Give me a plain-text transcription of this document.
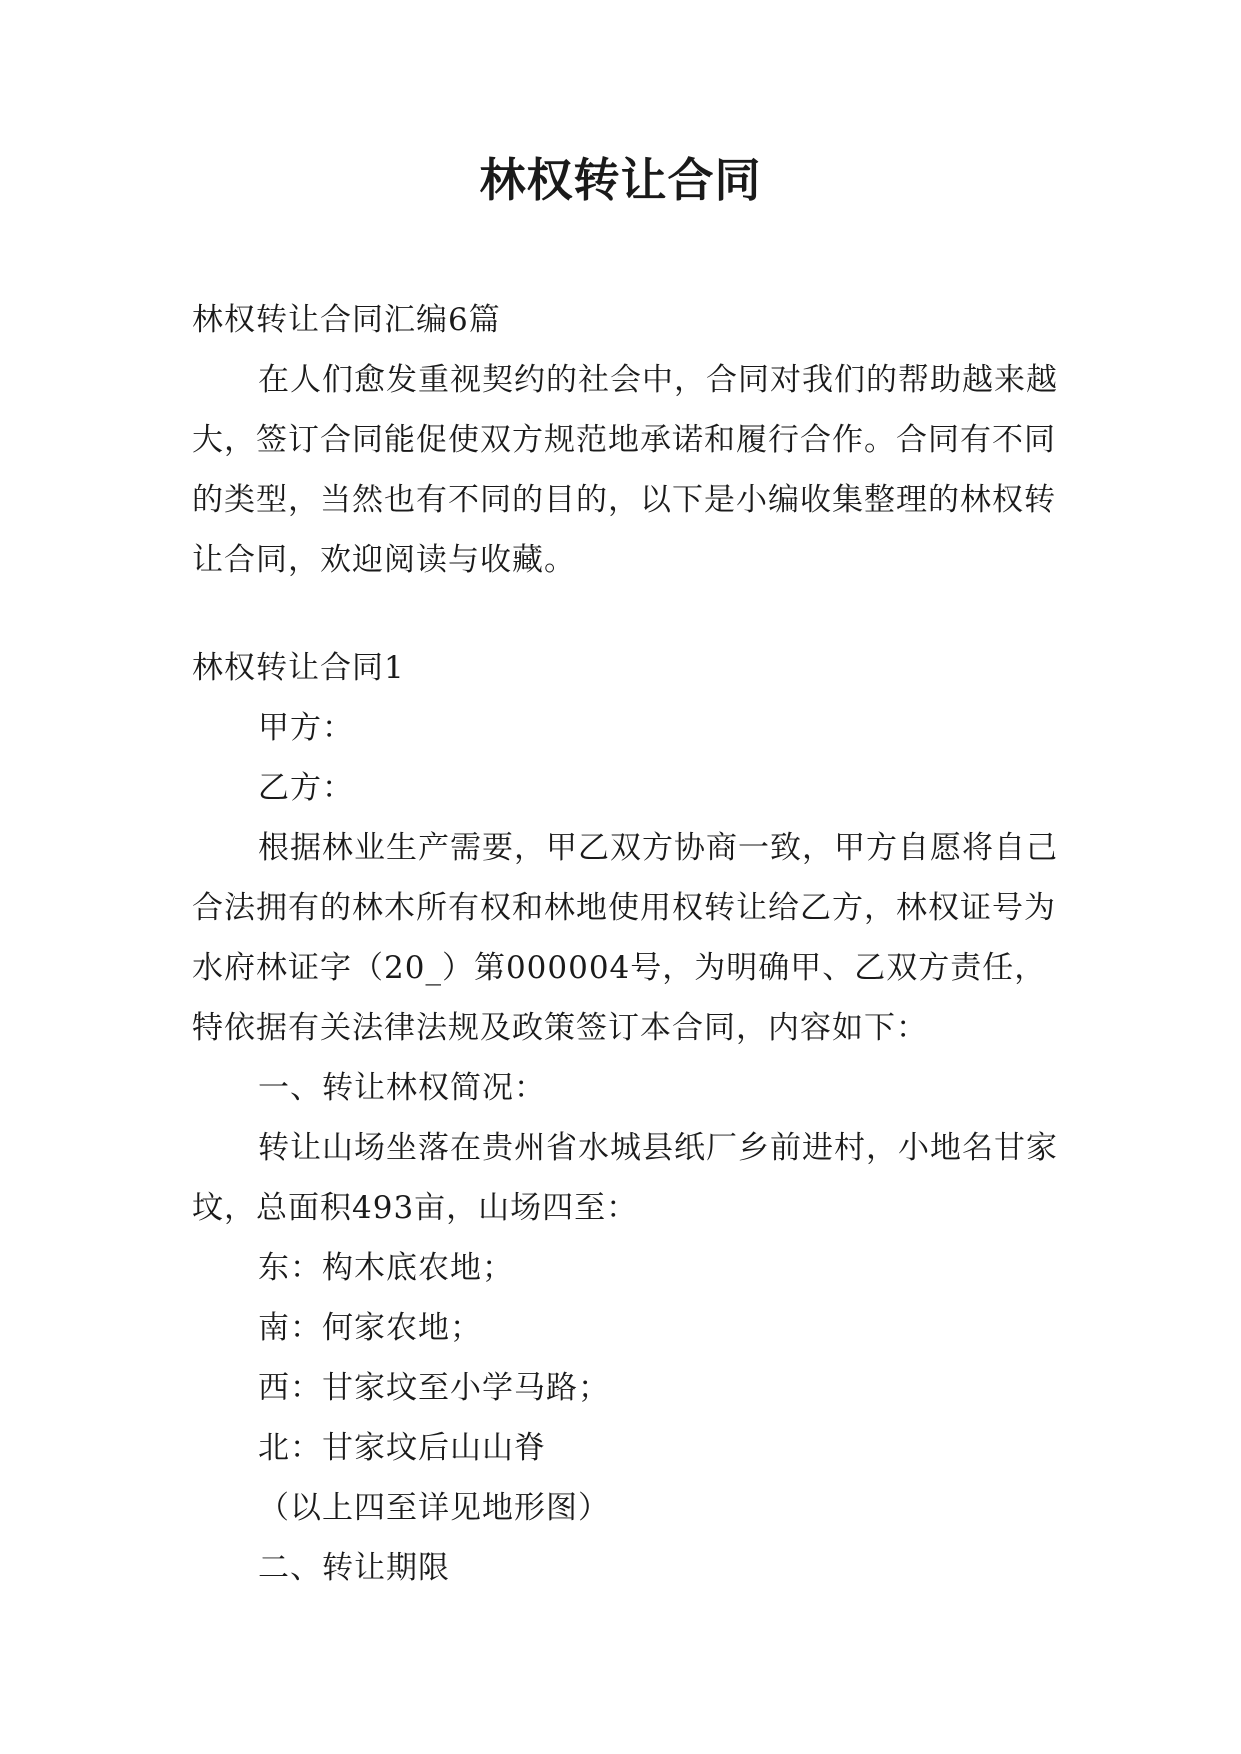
林权转让合同

林权转让合同汇编6篇

在人们愈发重视契约的社会中，合同对我们的帮助越来越大，签订合同能促使双方规范地承诺和履行合作。合同有不同的类型，当然也有不同的目的，以下是小编收集整理的林权转让合同，欢迎阅读与收藏。

林权转让合同1

甲方：

乙方：

根据林业生产需要，甲乙双方协商一致，甲方自愿将自己合法拥有的林木所有权和林地使用权转让给乙方，林权证号为水府林证字（20_）第000004号，为明确甲、乙双方责任，特依据有关法律法规及政策签订本合同，内容如下：

一、转让林权简况：

转让山场坐落在贵州省水城县纸厂乡前进村，小地名甘家坟，总面积493亩，山场四至：

东：构木底农地；

南：何家农地；

西：甘家坟至小学马路；

北：甘家坟后山山脊

（以上四至详见地形图）

二、转让期限
